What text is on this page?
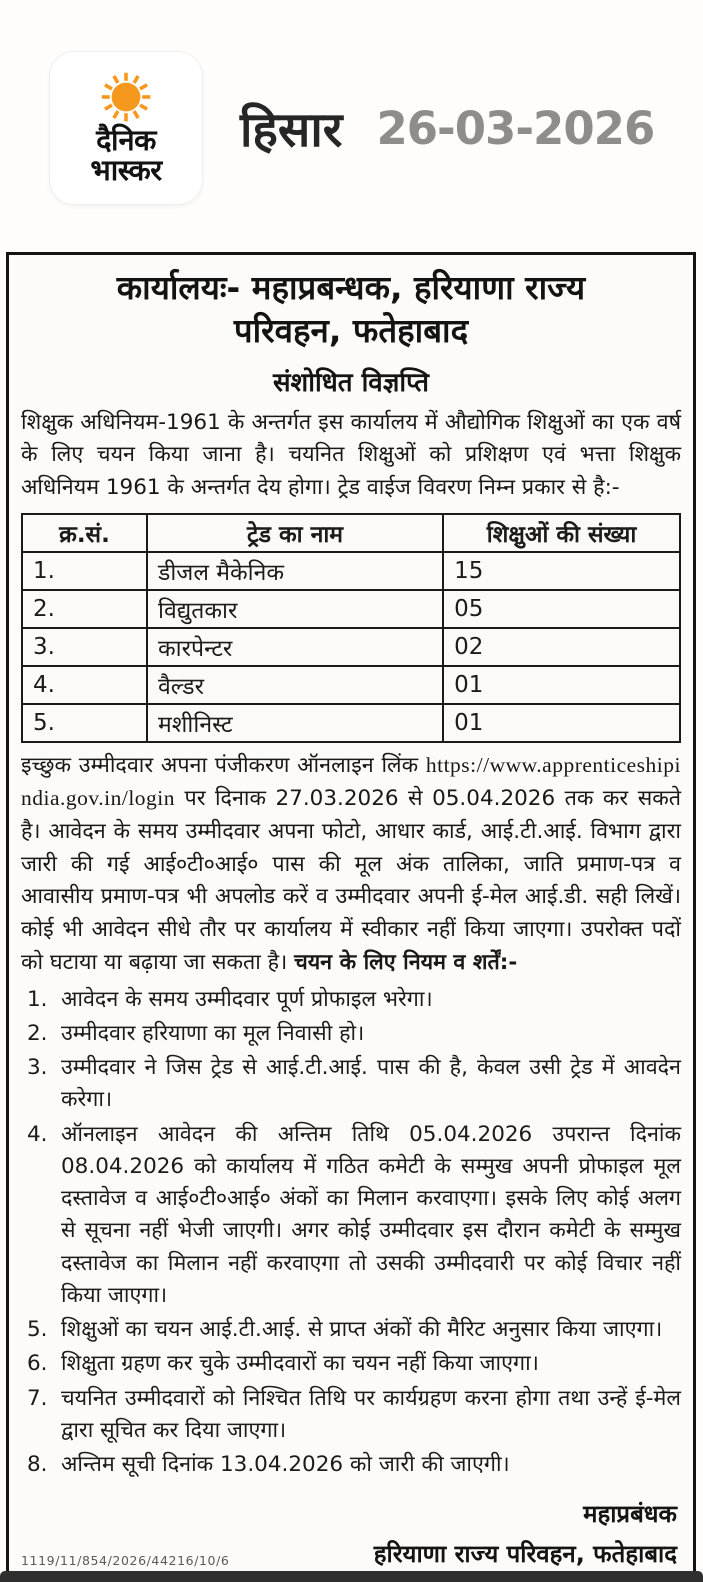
दैनिक
भास्कर
हिसार 26-03-2026
कार्यालयः- महाप्रबन्धक, हरियाणा राज्य
परिवहन, फतेहाबाद
संशोधित विज्ञप्ति

शिक्षुक अधिनियम-1961 के अन्तर्गत इस कार्यालय में औद्योगिक शिक्षुओं का एक वर्ष के लिए चयन किया जाना है। चयनित शिक्षुओं को प्रशिक्षण एवं भत्ता शिक्षुक अधिनियम 1961 के अन्तर्गत देय होगा। ट्रेड वाईज विवरण निम्न प्रकार से है:-

क्र.सं.	ट्रेड का नाम	शिक्षुओं की संख्या
1.	डीजल मैकेनिक	15
2.	विद्युतकार	05
3.	कारपेन्टर	02
4.	वैल्डर	01
5.	मशीनिस्ट	01

इच्छुक उम्मीदवार अपना पंजीकरण ऑनलाइन लिंक https://www.apprenticeshipindia.gov.in/login पर दिनाक 27.03.2026 से 05.04.2026 तक कर सकते है। आवेदन के समय उम्मीदवार अपना फोटो, आधार कार्ड, आई.टी.आई. विभाग द्वारा जारी की गई आई०टी०आई० पास की मूल अंक तालिका, जाति प्रमाण-पत्र व आवासीय प्रमाण-पत्र भी अपलोड करें व उम्मीदवार अपनी ई-मेल आई.डी. सही लिखें। कोई भी आवेदन सीधे तौर पर कार्यालय में स्वीकार नहीं किया जाएगा। उपरोक्त पदों को घटाया या बढ़ाया जा सकता है। चयन के लिए नियम व शर्तें:-

1. आवेदन के समय उम्मीदवार पूर्ण प्रोफाइल भरेगा।
2. उम्मीदवार हरियाणा का मूल निवासी हो।
3. उम्मीदवार ने जिस ट्रेड से आई.टी.आई. पास की है, केवल उसी ट्रेड में आवदेन करेगा।
4. ऑनलाइन आवेदन की अन्तिम तिथि 05.04.2026 उपरान्त दिनांक 08.04.2026 को कार्यालय में गठित कमेटी के सम्मुख अपनी प्रोफाइल मूल दस्तावेज व आई०टी०आई० अंकों का मिलान करवाएगा। इसके लिए कोई अलग से सूचना नहीं भेजी जाएगी। अगर कोई उम्मीदवार इस दौरान कमेटी के सम्मुख दस्तावेज का मिलान नहीं करवाएगा तो उसकी उम्मीदवारी पर कोई विचार नहीं किया जाएगा।
5. शिक्षुओं का चयन आई.टी.आई. से प्राप्त अंकों की मैरिट अनुसार किया जाएगा।
6. शिक्षुता ग्रहण कर चुके उम्मीदवारों का चयन नहीं किया जाएगा।
7. चयनित उम्मीदवारों को निश्चित तिथि पर कार्यग्रहण करना होगा तथा उन्हें ई-मेल द्वारा सूचित कर दिया जाएगा।
8. अन्तिम सूची दिनांक 13.04.2026 को जारी की जाएगी।
1119/11/854/2026/44216/10/6
महाप्रबंधक
हरियाणा राज्य परिवहन, फतेहाबाद
